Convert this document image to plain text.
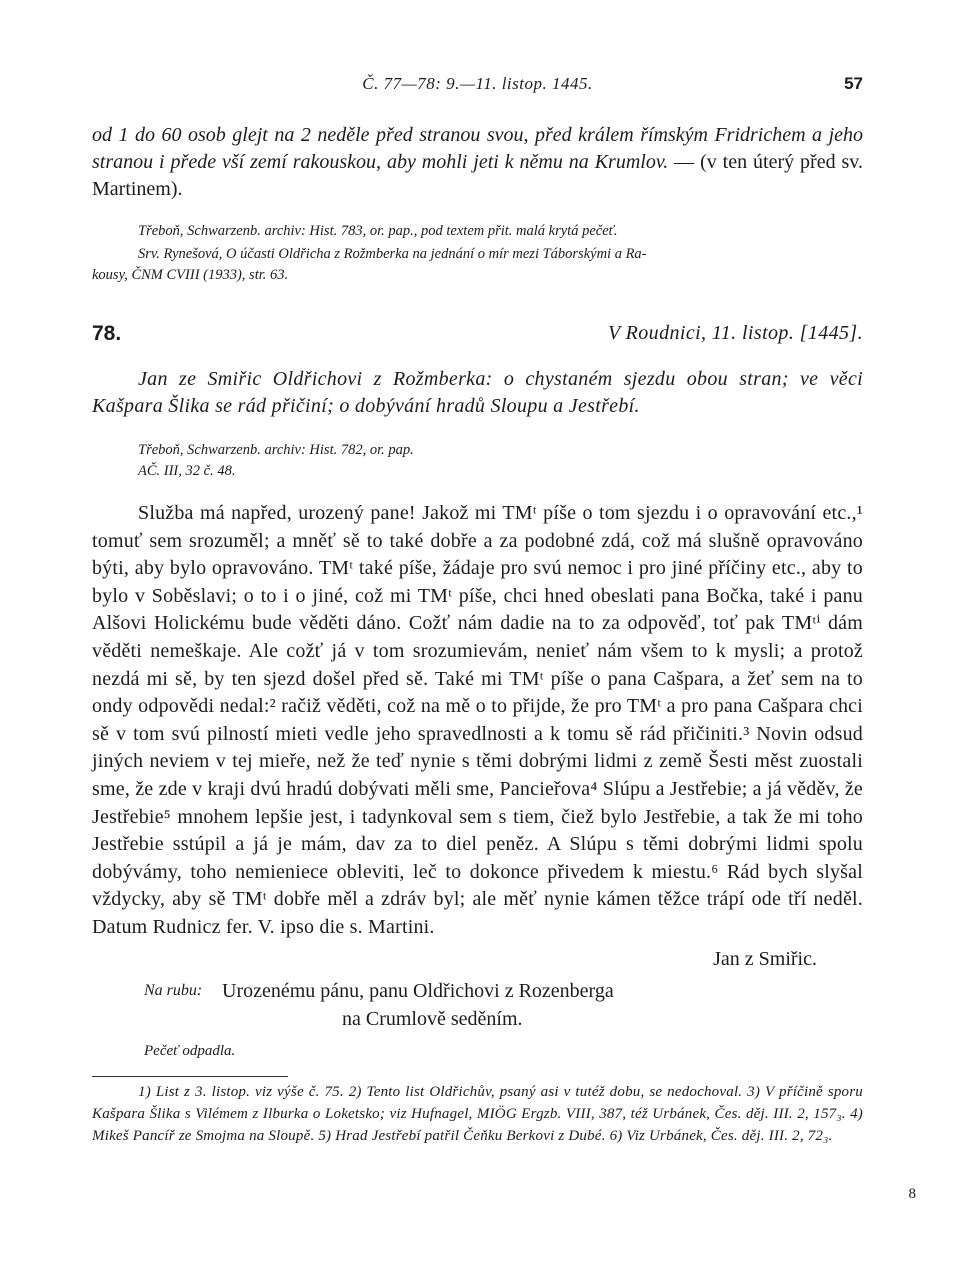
Č. 77—78: 9.—11. listop. 1445.	57

od 1 do 60 osob glejt na 2 neděle před stranou svou, před králem římským Fridrichem a jeho stranou i přede vší zemí rakouskou, aby mohli jeti k němu na Krumlov. — (v ten úterý před sv. Martinem).

Třeboň, Schwarzenb. archiv: Hist. 783, or. pap., pod textem přit. malá krytá pečeť.
Srv. Rynešová, O účasti Oldřicha z Rožmberka na jednání o mír mezi Táborskými a Ra-
kousy, ČNM CVIII (1933), str. 63.
78.	V Roudnici, 11. listop. [1445].

Jan ze Smiřic Oldřichovi z Rožmberka: o chystaném sjezdu obou stran; ve věci Kašpara Šlika se rád přičiní; o dobývání hradů Sloupu a Jestřebí.

Třeboň, Schwarzenb. archiv: Hist. 782, or. pap.
AČ. III, 32 č. 48.

Služba má napřed, urozený pane! Jakož mi TMᵗ píše o tom sjezdu i o opravování etc.,¹ tomuť sem srozuměl; a mněť sě to také dobře a za podobné zdá, což má slušně opravováno býti, aby bylo opravováno. TMᵗ také píše, žádaje pro svú nemoc i pro jiné příčiny etc., aby to bylo v Soběslavi; o to i o jiné, což mi TMᵗ píše, chci hned obeslati pana Bočka, také i panu Alšovi Holickému bude věděti dáno. Cožť nám dadie na to za odpověď, toť pak TMᵗⁱ dám věděti nemeškaje. Ale cožť já v tom srozumievám, nenieť nám všem to k mysli; a protož nezdá mi sě, by ten sjezd došel před sě. Také mi TMᵗ píše o pana Cašpara, a žeť sem na to ondy odpovědi nedal:² račiž věděti, což na mě o to přijde, že pro TMᵗ a pro pana Cašpara chci sě v tom svú pilností mieti vedle jeho spravedlnosti a k tomu sě rád přičiniti.³ Novin odsud jiných neviem v tej mieře, než že teď nynie s těmi dobrými lidmi z země Šesti měst zuostali sme, že zde v kraji dvú hradú dobývati měli sme, Pancieřova⁴ Slúpu a Jestřebie; a já věděv, že Jestřebie⁵ mnohem lepšie jest, i tadynkoval sem s tiem, čiež bylo Jestřebie, a tak že mi toho Jestřebie sstúpil a já je mám, dav za to diel peněz. A Slúpu s těmi dobrými lidmi spolu dobývámy, toho nemieniece obleviti, leč to dokonce přivedem k miestu.⁶ Rád bych slyšal vždycky, aby sě TMᵗ dobře měl a zdráv byl; ale měť nynie kámen těžce trápí ode tří neděl. Datum Rudnicz fer. V. ipso die s. Martini.

Jan z Smiřic.
Na rubu: Urozenému pánu, panu Oldřichovi z Rozenberga
na Crumlově seděním.
Pečeť odpadla.

1) List z 3. listop. viz výše č. 75. 2) Tento list Oldřichův, psaný asi v tutéž dobu, se nedochoval. 3) V příčině sporu Kašpara Šlika s Vilémem z Ilburka o Loketsko; viz Hufnagel, MIÖG Ergzb. VIII, 387, též Urbánek, Čes. děj. III. 2, 157₃. 4) Mikeš Pancíř ze Smojma na Sloupě. 5) Hrad Jestřebí patřil Čeňku Berkovi z Dubé. 6) Viz Urbánek, Čes. děj. III. 2, 72₃.

8
